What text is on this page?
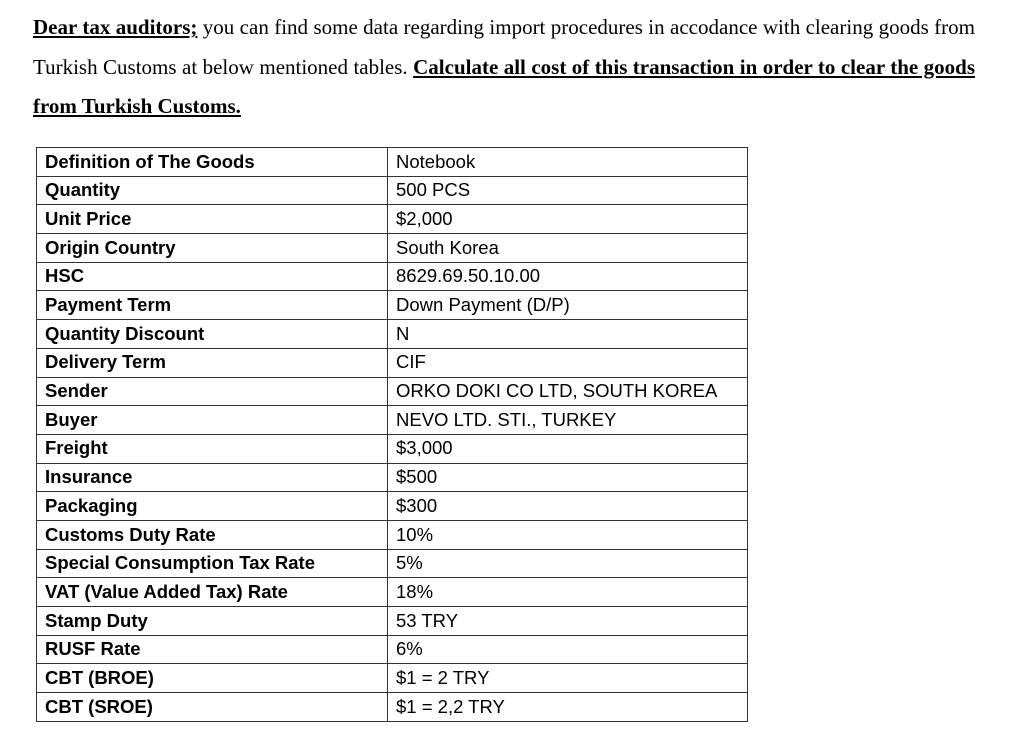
Dear tax auditors; you can find some data regarding import procedures in accodance with clearing goods from Turkish Customs at below mentioned tables. Calculate all cost of this transaction in order to clear the goods from Turkish Customs.

Definition of The Goods	Notebook
Quantity	500 PCS
Unit Price	$2,000
Origin Country	South Korea
HSC	8629.69.50.10.00
Payment Term	Down Payment (D/P)
Quantity Discount	N
Delivery Term	CIF
Sender	ORKO DOKI CO LTD, SOUTH KOREA
Buyer	NEVO LTD. STI., TURKEY
Freight	$3,000
Insurance	$500
Packaging	$300
Customs Duty Rate	10%
Special Consumption Tax Rate	5%
VAT (Value Added Tax) Rate	18%
Stamp Duty	53 TRY
RUSF Rate	6%
CBT (BROE)	$1 = 2 TRY
CBT (SROE)	$1 = 2,2 TRY
